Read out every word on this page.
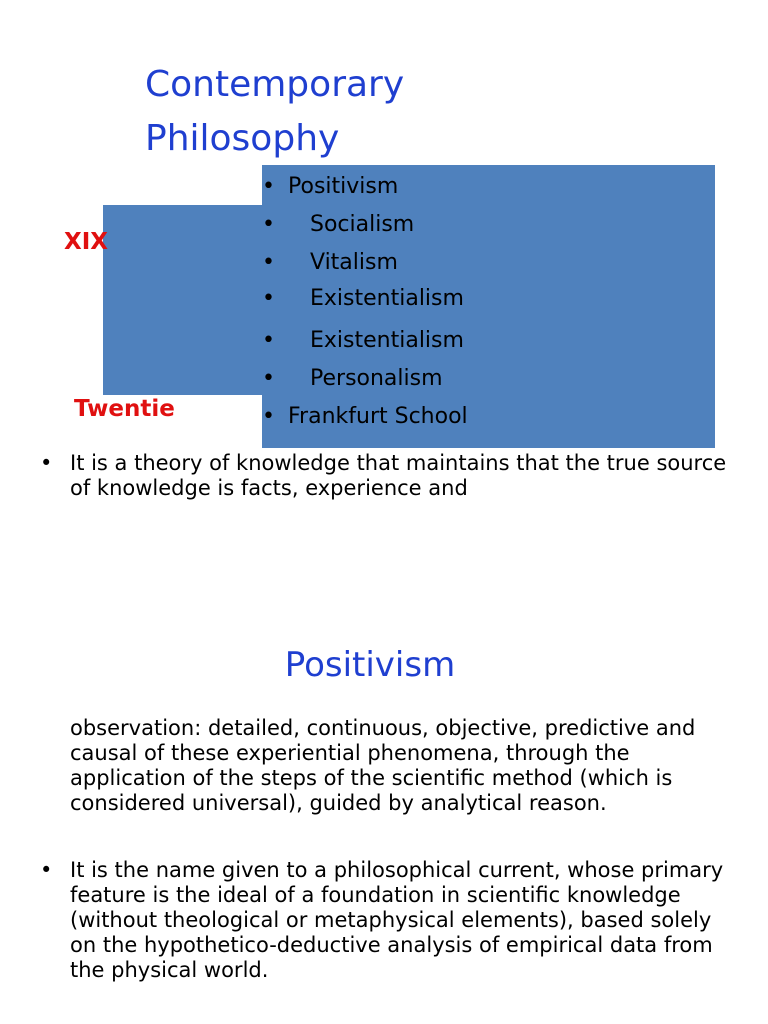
Contemporary
Philosophy
XIX
Twentie
• Positivism
• Socialism
• Vitalism
• Existentialism
• Existentialism
• Personalism
• Frankfurt School
• It is a theory of knowledge that maintains that the true source of knowledge is facts, experience and
Positivism
observation: detailed, continuous, objective, predictive and causal of these experiential phenomena, through the application of the steps of the scientific method (which is considered universal), guided by analytical reason.
• It is the name given to a philosophical current, whose primary feature is the ideal of a foundation in scientific knowledge (without theological or metaphysical elements), based solely on the hypothetico-deductive analysis of empirical data from the physical world.
